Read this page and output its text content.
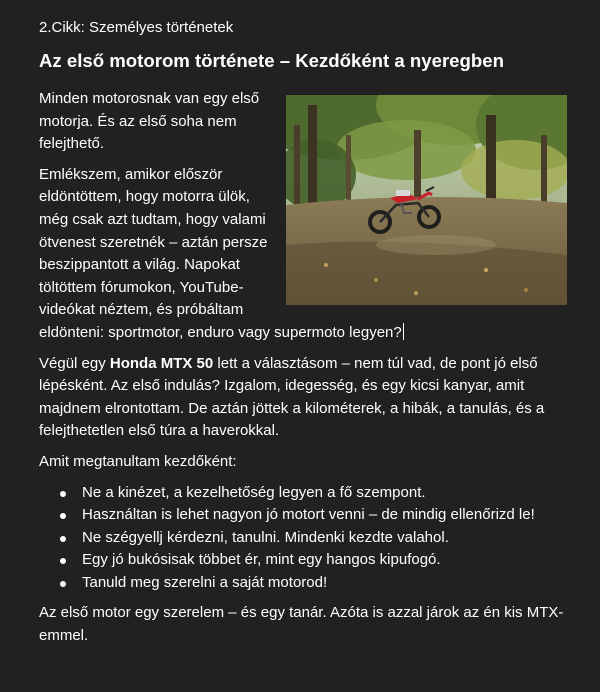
2.Cikk: Személyes történetek
Az első motorom története – Kezdőként a nyeregben

Minden motorosnak van egy első motorja. És az első soha nem felejthető.

Emlékszem, amikor először eldöntöttem, hogy motorra ülök, még csak azt tudtam, hogy valami ötvenest szeretnék – aztán persze beszippantott a világ. Napokat töltöttem fórumokon, YouTube-videókat néztem, és próbáltam eldönteni: sportmotor, enduro vagy supermoto legyen?

Végül egy Honda MTX 50 lett a választásom – nem túl vad, de pont jó első lépésként. Az első indulás? Izgalom, idegesség, és egy kicsi kanyar, amit majdnem elrontottam. De aztán jöttek a kilométerek, a hibák, a tanulás, és a felejthetetlen első túra a haverokkal.

Amit megtanultam kezdőként:

Ne a kinézet, a kezelhetőség legyen a fő szempont.
Használtan is lehet nagyon jó motort venni – de mindig ellenőrizd le!
Ne szégyellj kérdezni, tanulni. Mindenki kezdte valahol.
Egy jó bukósisak többet ér, mint egy hangos kipufogó.
Tanuld meg szerelni a saját motorod!

Az első motor egy szerelem – és egy tanár. Azóta is azzal járok az én kis MTX-emmel.
